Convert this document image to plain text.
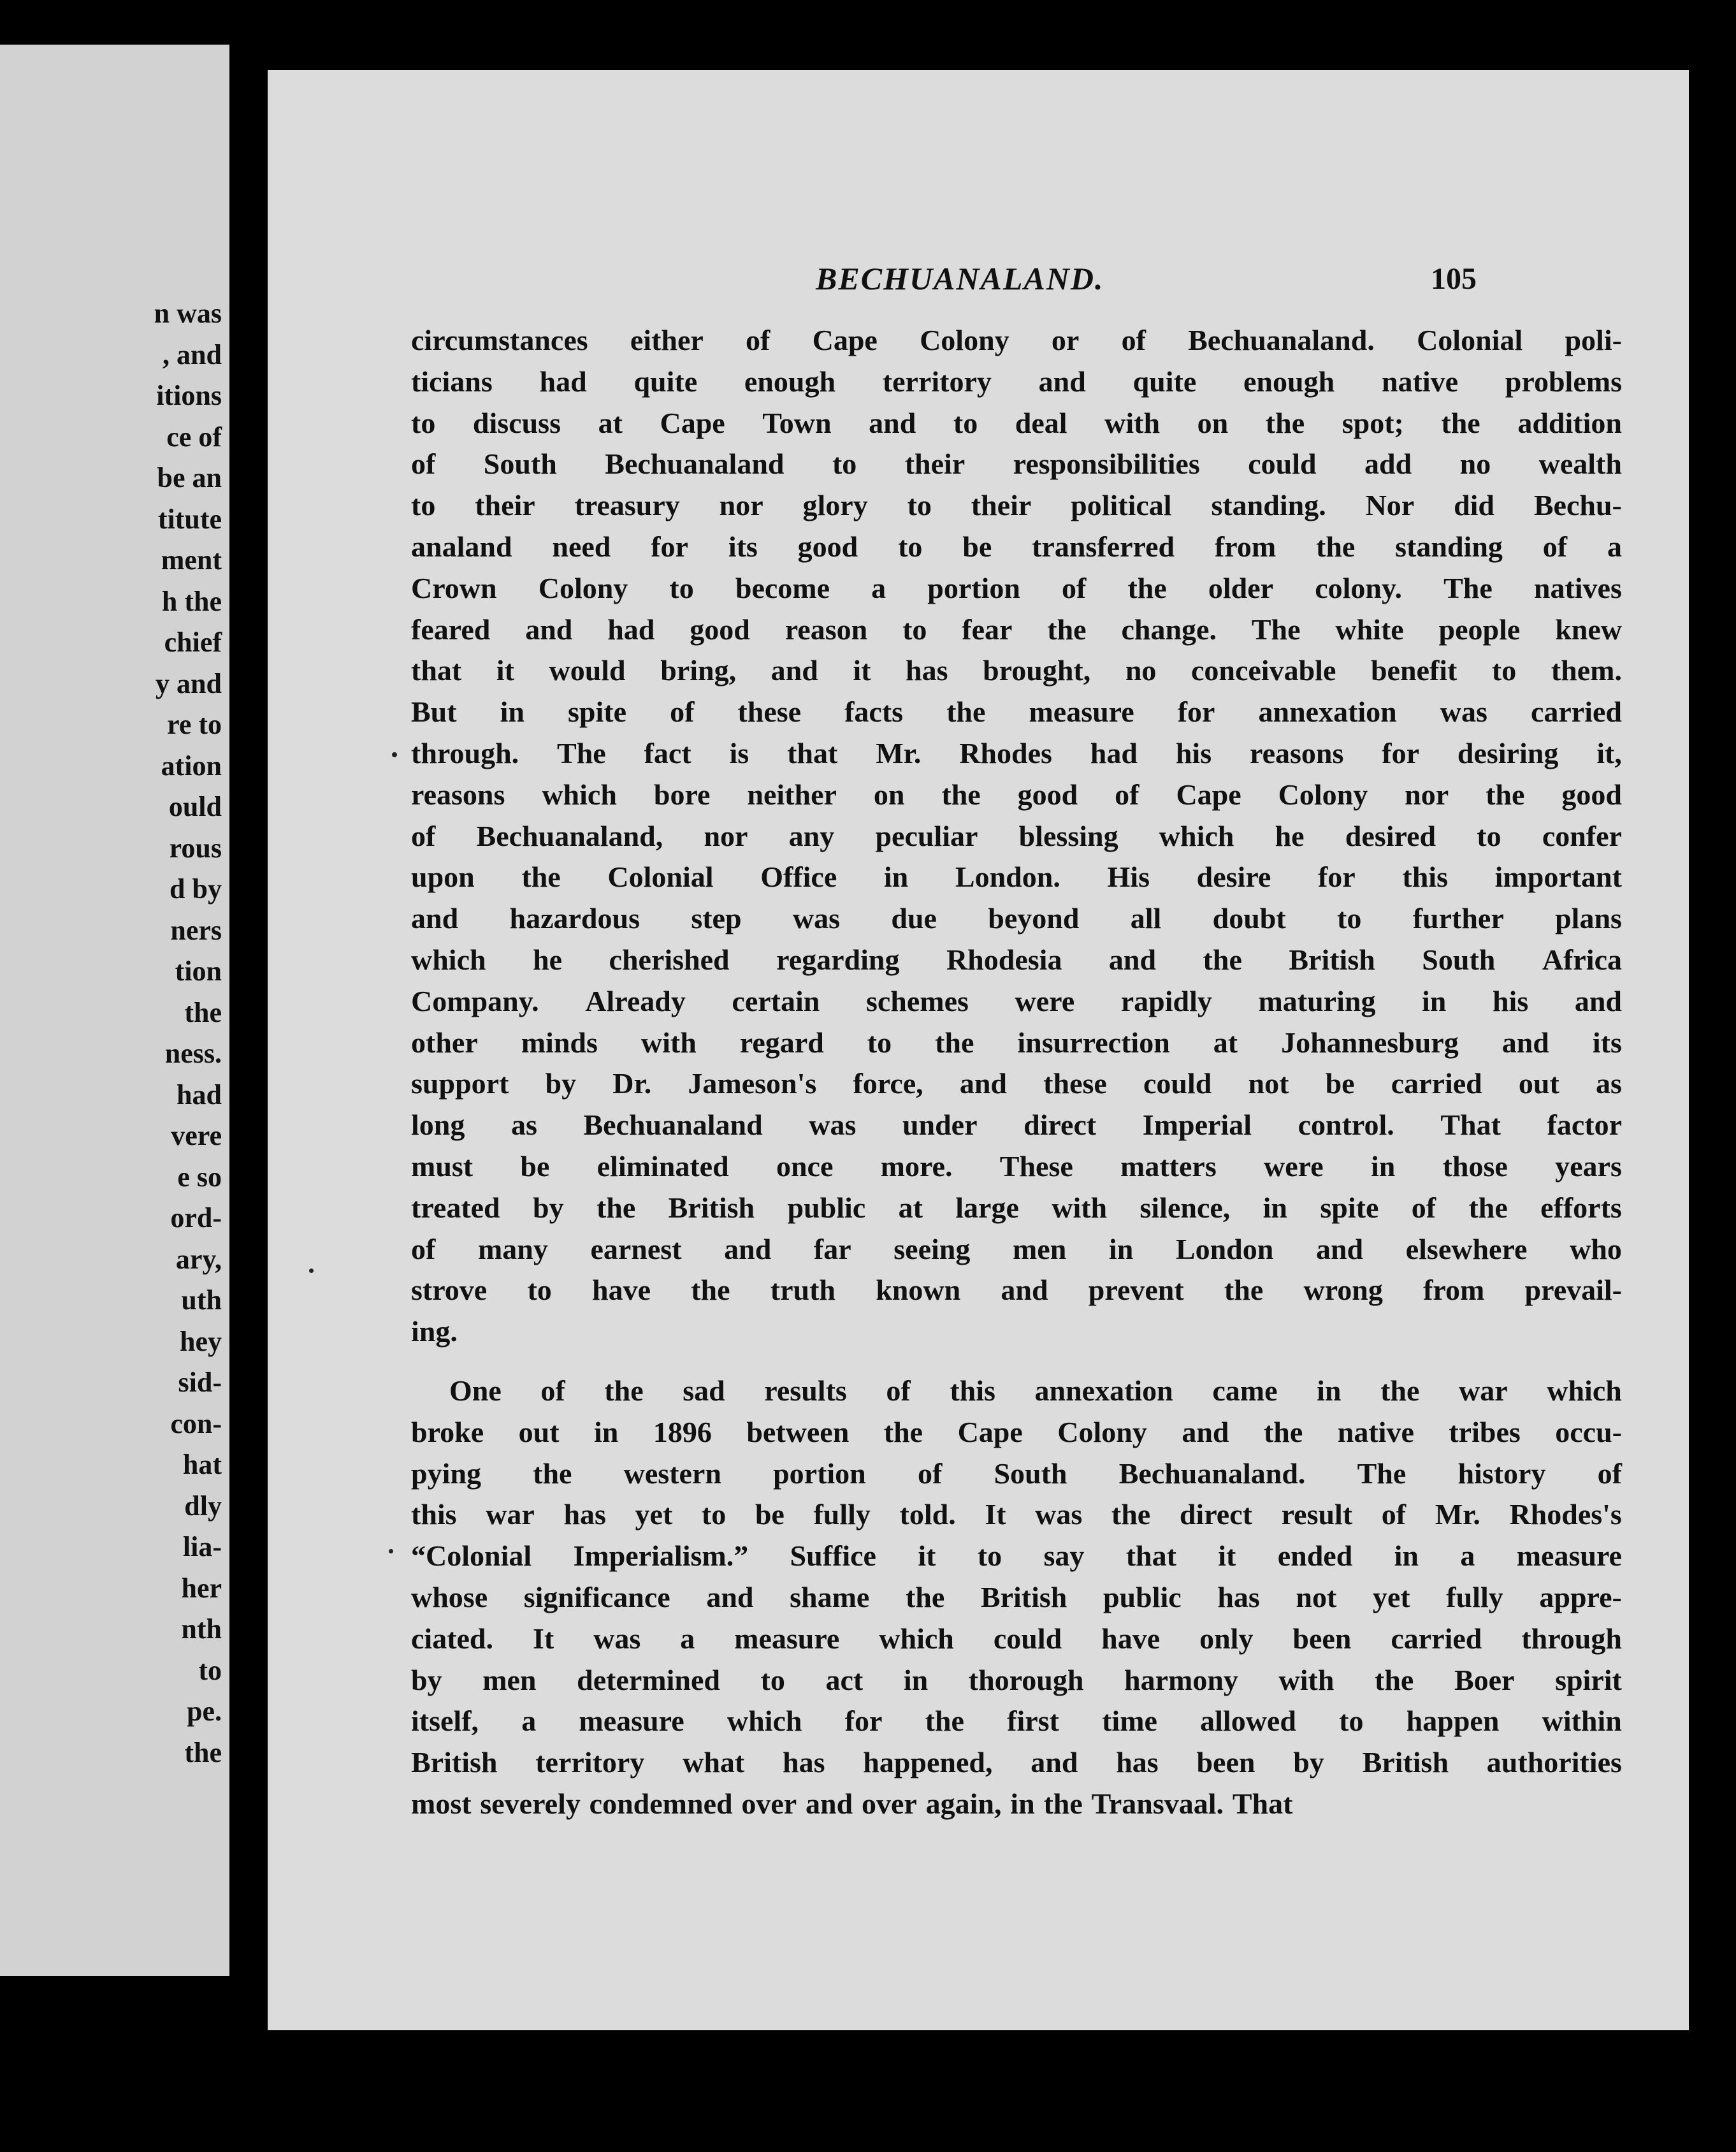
n was
, and
itions
ce of
be an
titute
ment
h the
chief
y and
re to
ation
ould
rous
d by
ners
tion
the
ness.
had
vere
e so
ord-
ary,
uth
hey
sid-
con-
hat
dly
lia-
her
nth
to
pe.
the
BECHUANALAND.	105
circumstances either of Cape Colony or of Bechuanaland. Colonial poli-
ticians had quite enough territory and quite enough native problems
to discuss at Cape Town and to deal with on the spot; the addition
of South Bechuanaland to their responsibilities could add no wealth
to their treasury nor glory to their political standing. Nor did Bechu-
analand need for its good to be transferred from the standing of a
Crown Colony to become a portion of the older colony. The natives
feared and had good reason to fear the change. The white people knew
that it would bring, and it has brought, no conceivable benefit to them.
But in spite of these facts the measure for annexation was carried
through. The fact is that Mr. Rhodes had his reasons for desiring it,
reasons which bore neither on the good of Cape Colony nor the good
of Bechuanaland, nor any peculiar blessing which he desired to confer
upon the Colonial Office in London. His desire for this important
and hazardous step was due beyond all doubt to further plans
which he cherished regarding Rhodesia and the British South Africa
Company. Already certain schemes were rapidly maturing in his and
other minds with regard to the insurrection at Johannesburg and its
support by Dr. Jameson's force, and these could not be carried out as
long as Bechuanaland was under direct Imperial control. That factor
must be eliminated once more. These matters were in those years
treated by the British public at large with silence, in spite of the efforts
of many earnest and far seeing men in London and elsewhere who
strove to have the truth known and prevent the wrong from prevail-
ing.
One of the sad results of this annexation came in the war which
broke out in 1896 between the Cape Colony and the native tribes occu-
pying the western portion of South Bechuanaland. The history of
this war has yet to be fully told. It was the direct result of Mr. Rhodes's
“Colonial Imperialism.” Suffice it to say that it ended in a measure
whose significance and shame the British public has not yet fully appre-
ciated. It was a measure which could have only been carried through
by men determined to act in thorough harmony with the Boer spirit
itself, a measure which for the first time allowed to happen within
British territory what has happened, and has been by British authorities
most severely condemned over and over again, in the Transvaal. That
